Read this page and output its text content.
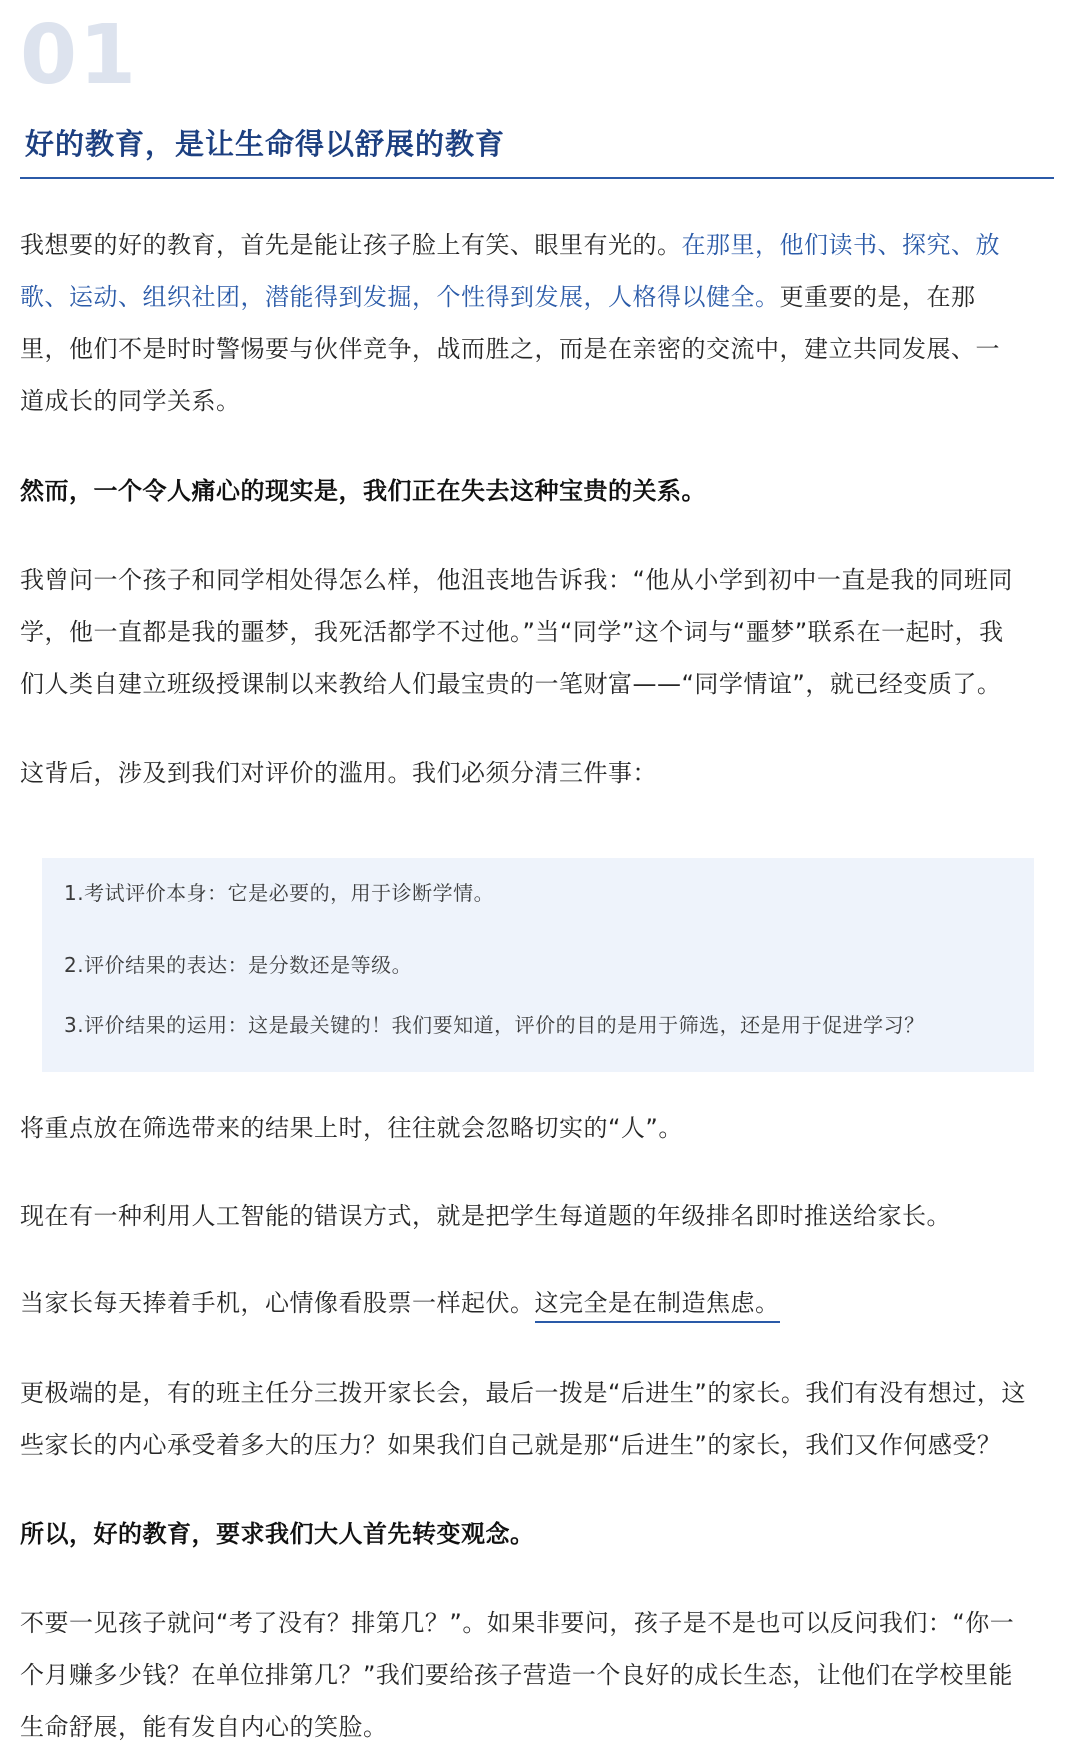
01
好的教育，是让生命得以舒展的教育
我想要的好的教育，首先是能让孩子脸上有笑、眼里有光的。在那里，他们读书、探究、放
歌、运动、组织社团，潜能得到发掘，个性得到发展，人格得以健全。更重要的是，在那
里，他们不是时时警惕要与伙伴竞争，战而胜之，而是在亲密的交流中，建立共同发展、一
道成长的同学关系。
然而，一个令人痛心的现实是，我们正在失去这种宝贵的关系。
我曾问一个孩子和同学相处得怎么样，他沮丧地告诉我：“他从小学到初中一直是我的同班同
学，他一直都是我的噩梦，我死活都学不过他。”当“同学”这个词与“噩梦”联系在一起时，我
们人类自建立班级授课制以来教给人们最宝贵的一笔财富——“同学情谊”，就已经变质了。
这背后，涉及到我们对评价的滥用。我们必须分清三件事：
1.考试评价本身：它是必要的，用于诊断学情。
2.评价结果的表达：是分数还是等级。
3.评价结果的运用：这是最关键的！我们要知道，评价的目的是用于筛选，还是用于促进学习？
将重点放在筛选带来的结果上时，往往就会忽略切实的“人”。
现在有一种利用人工智能的错误方式，就是把学生每道题的年级排名即时推送给家长。
当家长每天捧着手机，心情像看股票一样起伏。这完全是在制造焦虑。
更极端的是，有的班主任分三拨开家长会，最后一拨是“后进生”的家长。我们有没有想过，这
些家长的内心承受着多大的压力？如果我们自己就是那“后进生”的家长，我们又作何感受？
所以，好的教育，要求我们大人首先转变观念。
不要一见孩子就问“考了没有？排第几？”。如果非要问，孩子是不是也可以反问我们：“你一
个月赚多少钱？在单位排第几？”我们要给孩子营造一个良好的成长生态，让他们在学校里能
生命舒展，能有发自内心的笑脸。
